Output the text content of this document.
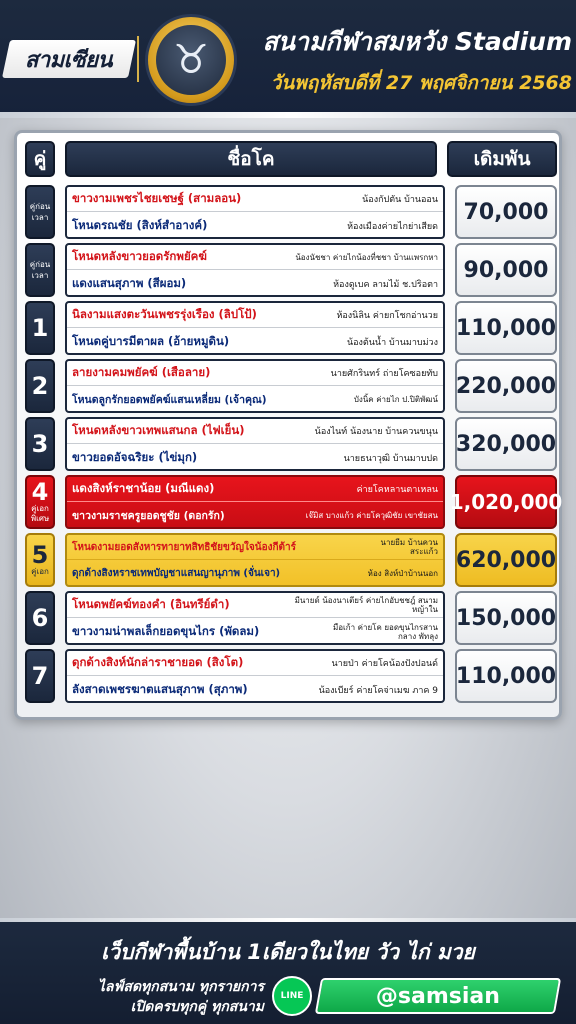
สามเซียน	♉	สนามกีฬาสมหวัง Stadium
วันพฤหัสบดีที่ 27 พฤศจิกายน 2568
คู่	ชื่อโค	เดิมพัน
คู่ก่อนเวลา
ขาวงามเพชรไชยเชษฐ์ (สามลอน)	น้องกัปตัน บ้านออน
โหนดรณชัย (สิงห์สำอางค์)	ห้องเมืองค่ายไกย่าเสียด
70,000
คู่ก่อนเวลา
โหนดหลังขาวยอดรักพยัคฆ์	น้องนัชชา ค่ายไกน้องที่ชชา บ้านแพรกหา
แดงแสนสุภาพ (สีผอม)	ห้องดูเบค ลามไม้ ช.ปริอตา
90,000
1 นิลงามแสงตะวันเพชรรุ่งเรือง (ลิปโป้)	ห้องนิลิน ค่ายกโชกอ่านวย
โหนดคู่บารมีตาผล (อ้ายหมูดิน)	น้องต้นน้ำ บ้านมาบม่วง
110,000
2 ลายงามคมพยัคฆ์ (เสือลาย)	นายศักรินทร์ ถ่ายโคซอยทับ
โหนดลูกรักยอดพยัคฆ์แสนเหลี่ยม (เจ้าคุณ)	บังนิ้ค ค่ายไก ป.ปิติพัฒน์
220,000
3 โหนดหลังขาวเทพแสนกล (ไฟเย็น)	น้องไนท์ น้องนาย บ้านควนขนุน
ขาวยอดอัจฉริยะ (ไข่มุก)	นายธนาวุฒิ บ้านมาบปด
320,000
4
คู่เอกพิเศษ
แดงสิงห์ราชาน้อย (มณีแดง)	ค่ายโคหลานตาเหลน
ขาวงามราชครูยอดชูชัย (ดอกรัก)	เจ๊มิส บางแก้ว ค่ายโควุฒิชัย เขาชัยสน
1,020,000
5
คู่เอก
โหนดงามยอดสังหารทายาทสิทธิชัยขวัญใจน้องกีต้าร์	นายยีม บ้านควนสระแก้ว
ดุกด้างสิงหราชเทพบัญชาแสนญานุภาพ (จั่นเจา)	ห้อง สิงห์ป่าบ้านนอก
620,000
6 โหนดพยัคฆ์ทองคำ (อินทรีย์ดำ)	มีนายด์ น้องนาเตียร์ ค่ายไกอับชชฎ์ สนามหญ้าใน
ขาวงามน่าพลเล็กยอดขุนไกร (พัดลม)	มือเก้า ค่ายโค ยอดขุนไกรสานกลาง พัทลุง
150,000
7 ดุกด้างสิงห์นักล่าราชายอด (สิงโต)	นายป่า ค่ายโคน้องปังปอนด์
ลังสาดเพชรฆาตแสนสุภาพ (สุภาพ)	น้องเบียร์ ค่ายโคจ่าเมฆ ภาค 9
110,000
เว็บกีฬาพื้นบ้าน 1เดียวในไทย วัว ไก่ มวย
ไลฟ์สดทุกสนาม ทุกรายการ
เปิดครบทุกคู่ ทุกสนาม
LINE	@samsian
